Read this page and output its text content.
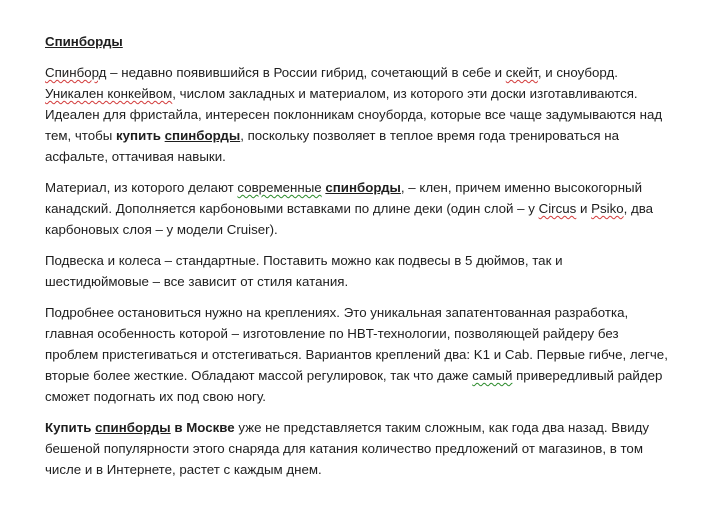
Спинборды

Спинборд – недавно появившийся в России гибрид, сочетающий в себе и скейт, и сноуборд. Уникален конкейвом, числом закладных и материалом, из которого эти доски изготавливаются. Идеален для фристайла, интересен поклонникам сноуборда, которые все чаще задумываются над тем, чтобы купить спинборды, поскольку позволяет в теплое время года тренироваться на асфальте, оттачивая навыки.

Материал, из которого делают современные спинборды, – клен, причем именно высокогорный канадский. Дополняется карбоновыми вставками по длине деки (один слой – у Circus и Psiko, два карбоновых слоя – у модели Cruiser).

Подвеска и колеса – стандартные. Поставить можно как подвесы в 5 дюймов, так и шестидюймовые – все зависит от стиля катания.

Подробнее остановиться нужно на креплениях. Это уникальная запатентованная разработка, главная особенность которой – изготовление по HBT-технологии, позволяющей райдеру без проблем пристегиваться и отстегиваться. Вариантов креплений два: K1 и Cab. Первые гибче, легче, вторые более жесткие. Обладают массой регулировок, так что даже самый привередливый райдер сможет подогнать их под свою ногу.

Купить спинборды в Москве уже не представляется таким сложным, как года два назад. Ввиду бешеной популярности этого снаряда для катания количество предложений от магазинов, в том числе и в Интернете, растет с каждым днем.
